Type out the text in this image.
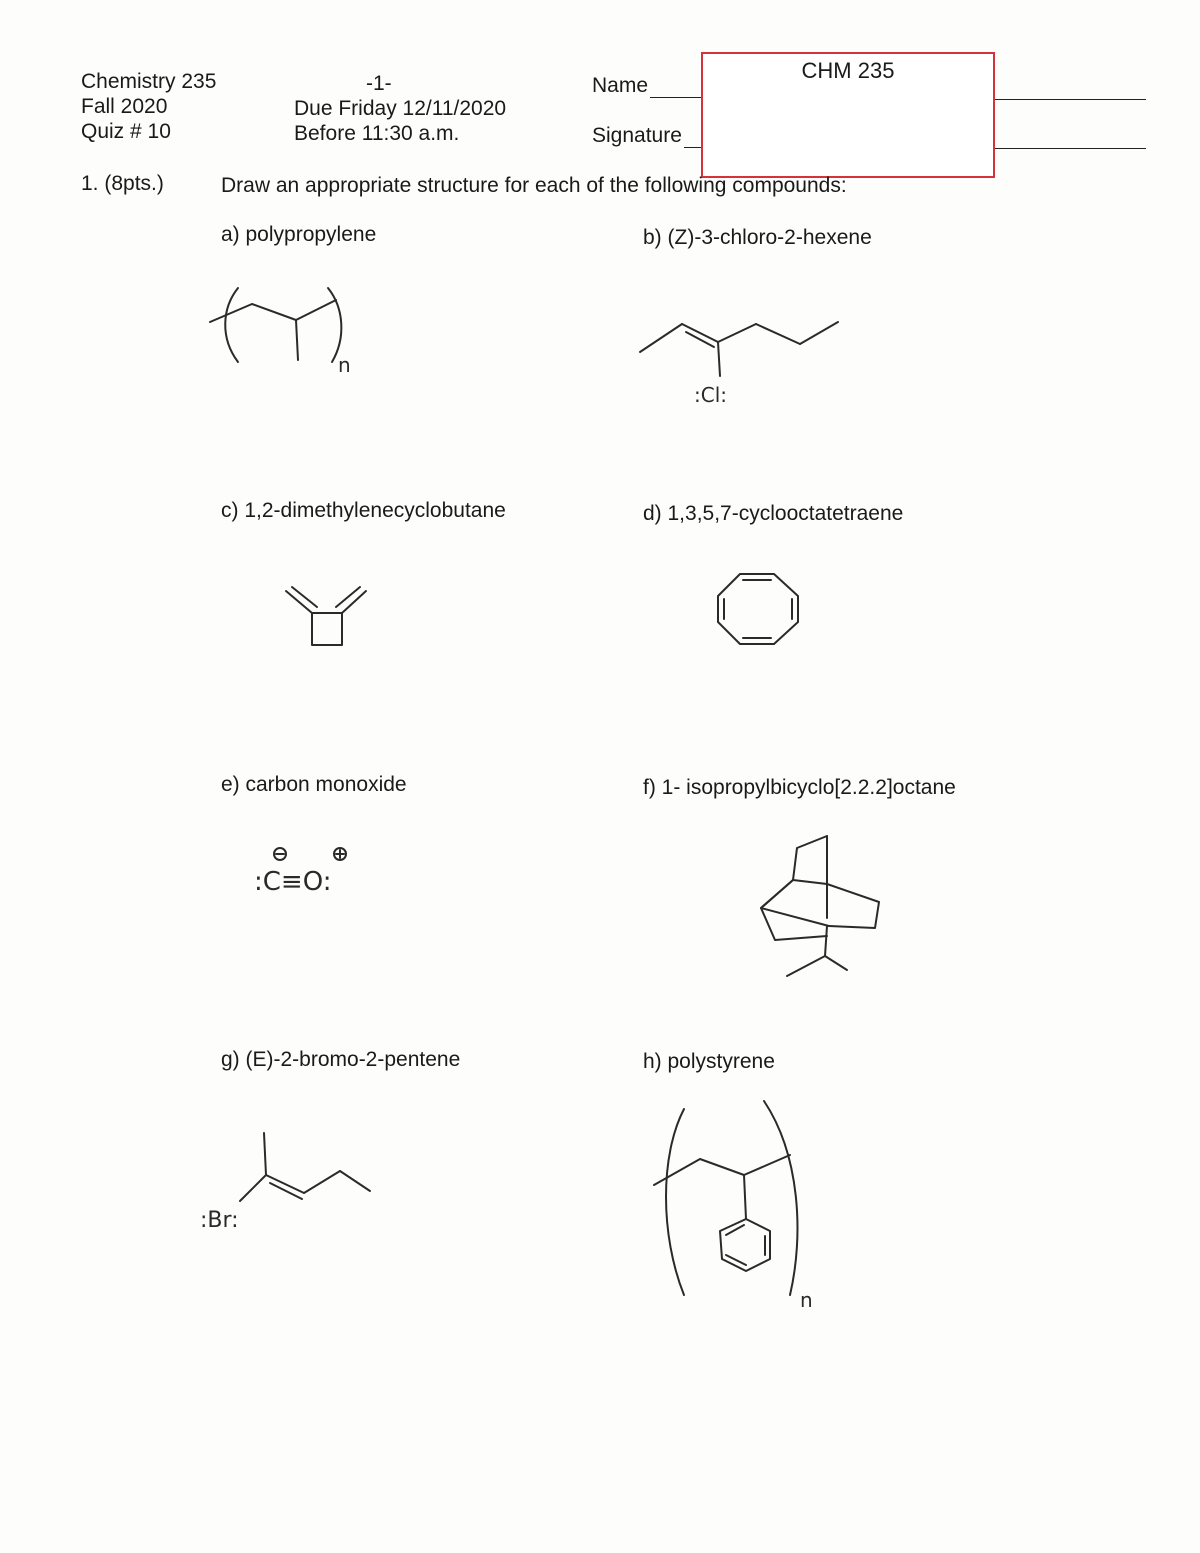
Chemistry 235
Fall 2020
Quiz # 10
-1-
Due Friday 12/11/2020
Before 11:30 a.m.
Name
Signature
CHM 235
1. (8pts.)	Draw an appropriate structure for each of the following compounds:
a) polypropylene	b) (Z)-3-chloro-2-hexene
c) 1,2-dimethylenecyclobutane	d) 1,3,5,7-cyclooctatetraene
e) carbon monoxide	f) 1- isopropylbicyclo[2.2.2]octane
g) (E)-2-bromo-2-pentene	h) polystyrene
n
:Cl:
:C≡O:
:Br:
n
